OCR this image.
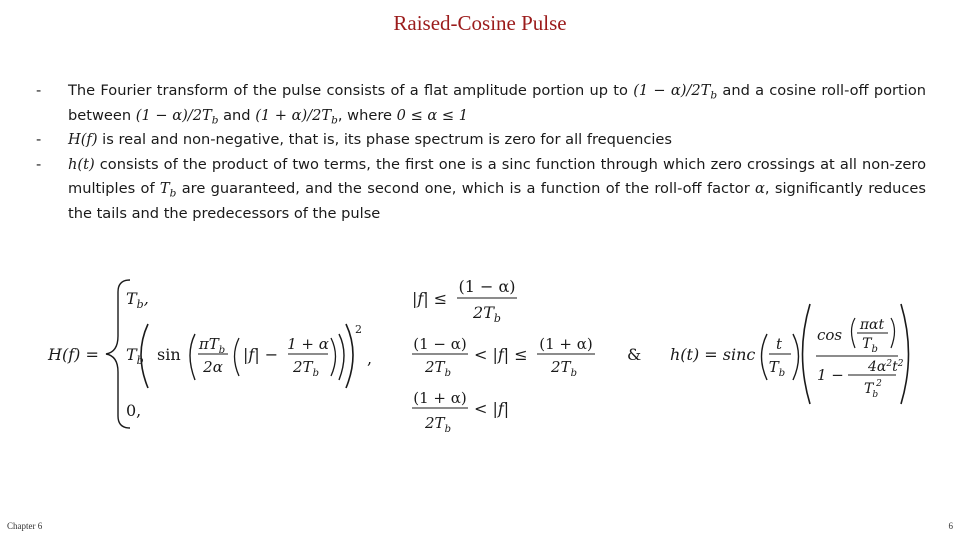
Raised-Cosine Pulse
- The Fourier transform of the pulse consists of a flat amplitude portion up to $(1 - \alpha)/2T_b$ and a cosine roll-off portion between $(1 - \alpha)/2T_b$ and $(1 + \alpha)/2T_b$, where 0 ≤ α ≤ 1
- H(f) is real and non-negative, that is, its phase spectrum is zero for all frequencies
- h(t) consists of the product of two terms, the first one is a sinc function through which zero crossings at all non-zero multiples of $T_b$ are guaranteed, and the second one, which is a function of the roll-off factor α, significantly reduces the tails and the predecessors of the pulse
H(f) =
$T_b$,	|f| ≤
(1 − α)
$2T_b$
$T_b$ sin
$\pi T_b$
2α
|f| −
1 + α
$2T_b$
2
,
(1 − α)
$2T_b$
< |f| ≤
(1 + α)
$2T_b$
0,
(1 + α)
$2T_b$
< |f|
& h(t) = sinc
t
$T_b$
cos
παt
$T_b$
$1 - 4\alpha^2t^2$
Tb2
Chapter 6	6
